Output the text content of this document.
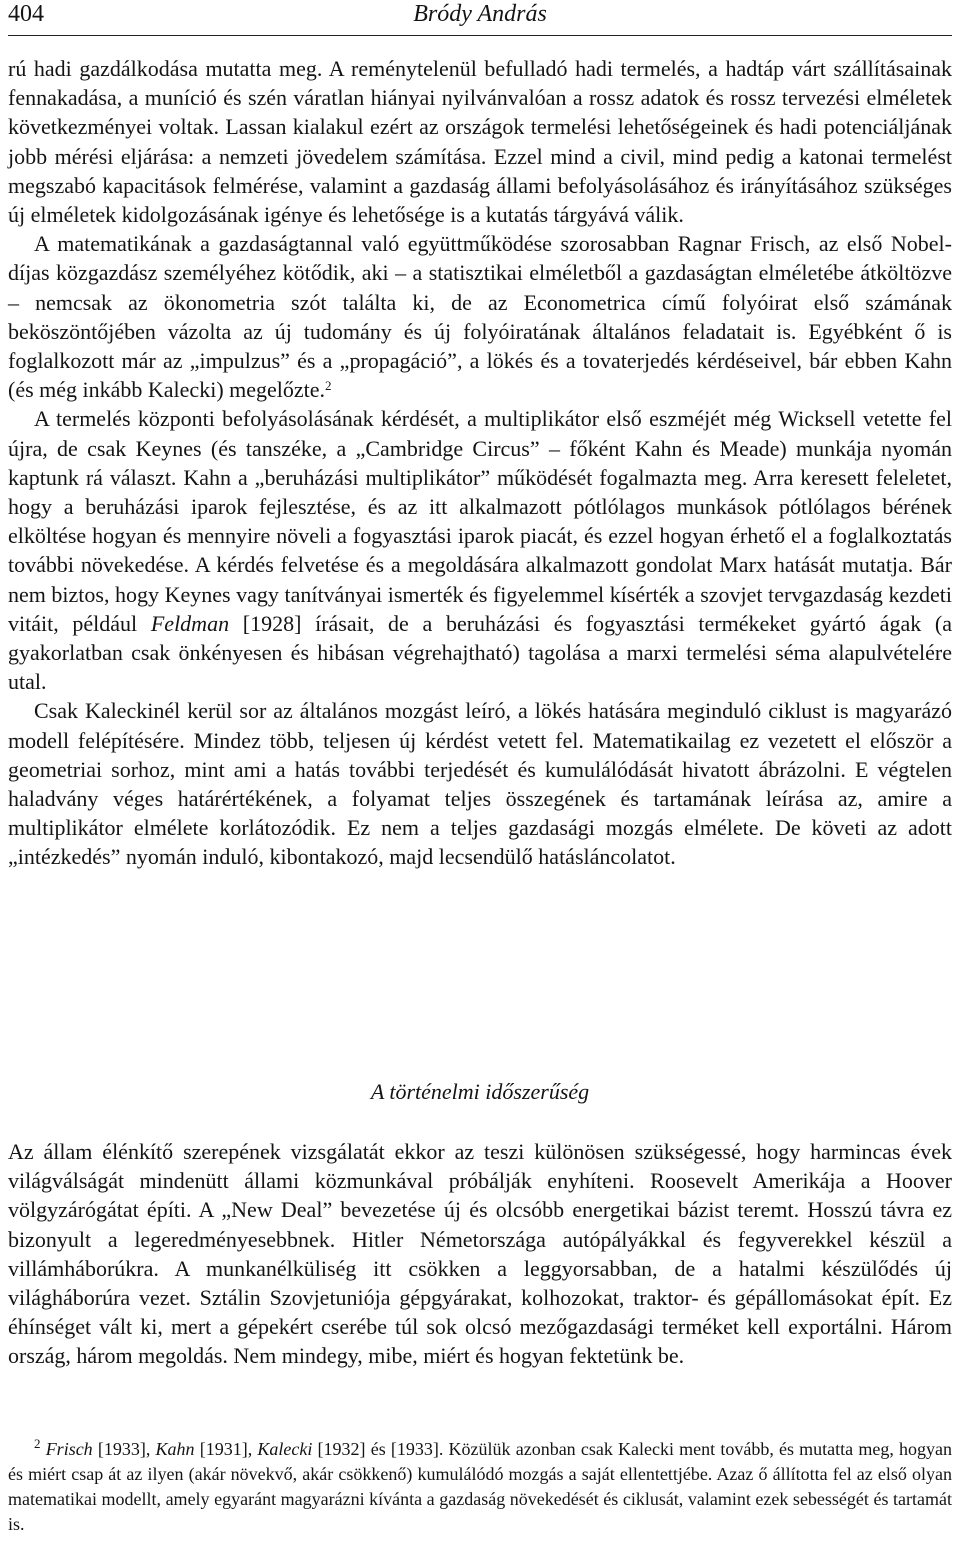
404	Bródy András

rú hadi gazdálkodása mutatta meg. A reménytelenül befulladó hadi termelés, a hadtáp várt szállításainak fennakadása, a muníció és szén váratlan hiányai nyilvánvalóan a rossz adatok és rossz tervezési elméletek következményei voltak. Lassan kialakul ezért az országok termelési lehetőségeinek és hadi potenciáljának jobb mérési eljárása: a nemzeti jövedelem számítása. Ezzel mind a civil, mind pedig a katonai termelést megszabó kapacitások felmérése, valamint a gazdaság állami befolyásolásához és irányításához szükséges új elméletek kidolgozásának igénye és lehetősége is a kutatás tárgyává válik.

A matematikának a gazdaságtannal való együttműködése szorosabban Ragnar Frisch, az első Nobel-díjas közgazdász személyéhez kötődik, aki – a statisztikai elméletből a gazdaságtan elméletébe átköltözve – nemcsak az ökonometria szót találta ki, de az Econometrica című folyóirat első számának beköszöntőjében vázolta az új tudomány és új folyóiratának általános feladatait is. Egyébként ő is foglalkozott már az „impulzus” és a „propagáció”, a lökés és a tovaterjedés kérdéseivel, bár ebben Kahn (és még inkább Kalecki) megelőzte.$^2$

A termelés központi befolyásolásának kérdését, a multiplikátor első eszméjét még Wicksell vetette fel újra, de csak Keynes (és tanszéke, a „Cambridge Circus” – főként Kahn és Meade) munkája nyomán kaptunk rá választ. Kahn a „beruházási multiplikátor” működését fogalmazta meg. Arra keresett feleletet, hogy a beruházási iparok fejlesztése, és az itt alkalmazott pótlólagos munkások pótlólagos bérének elköltése hogyan és mennyire növeli a fogyasztási iparok piacát, és ezzel hogyan érhető el a foglalkoztatás további növekedése. A kérdés felvetése és a megoldására alkalmazott gondolat Marx hatását mutatja. Bár nem biztos, hogy Keynes vagy tanítványai ismerték és figyelemmel kísérték a szovjet tervgazdaság kezdeti vitáit, például Feldman [1928] írásait, de a beruházási és fogyasztási termékeket gyártó ágak (a gyakorlatban csak önkényesen és hibásan végrehajtható) tagolása a marxi termelési séma alapulvételére utal.

Csak Kaleckinél kerül sor az általános mozgást leíró, a lökés hatására meginduló ciklust is magyarázó modell felépítésére. Mindez több, teljesen új kérdést vetett fel. Matematikailag ez vezetett el először a geometriai sorhoz, mint ami a hatás további terjedését és kumulálódását hivatott ábrázolni. E végtelen haladvány véges határértékének, a folyamat teljes összegének és tartamának leírása az, amire a multiplikátor elmélete korlátozódik. Ez nem a teljes gazdasági mozgás elmélete. De követi az adott „intézkedés” nyomán induló, kibontakozó, majd lecsendülő hatásláncolatot.

A történelmi időszerűség

Az állam élénkítő szerepének vizsgálatát ekkor az teszi különösen szükségessé, hogy harmincas évek világválságát mindenütt állami közmunkával próbálják enyhíteni. Roosevelt Amerikája a Hoover völgyzárógátat építi. A „New Deal” bevezetése új és olcsóbb energetikai bázist teremt. Hosszú távra ez bizonyult a legeredményesebbnek. Hitler Németországa autópályákkal és fegyverekkel készül a villámháborúkra. A munkanélküliség itt csökken a leggyorsabban, de a hatalmi készülődés új világháborúra vezet. Sztálin Szovjetuniója gépgyárakat, kolhozokat, traktor- és gépállomásokat épít. Ez éhínséget vált ki, mert a gépekért cserébe túl sok olcsó mezőgazdasági terméket kell exportálni. Három ország, három megoldás. Nem mindegy, mibe, miért és hogyan fektetünk be.

$^2$ Frisch [1933], Kahn [1931], Kalecki [1932] és [1933]. Közülük azonban csak Kalecki ment tovább, és mutatta meg, hogyan és miért csap át az ilyen (akár növekvő, akár csökkenő) kumulálódó mozgás a saját ellentettjébe. Azaz ő állította fel az első olyan matematikai modellt, amely egyaránt magyarázni kívánta a gazdaság növekedését és ciklusát, valamint ezek sebességét és tartamát is.
